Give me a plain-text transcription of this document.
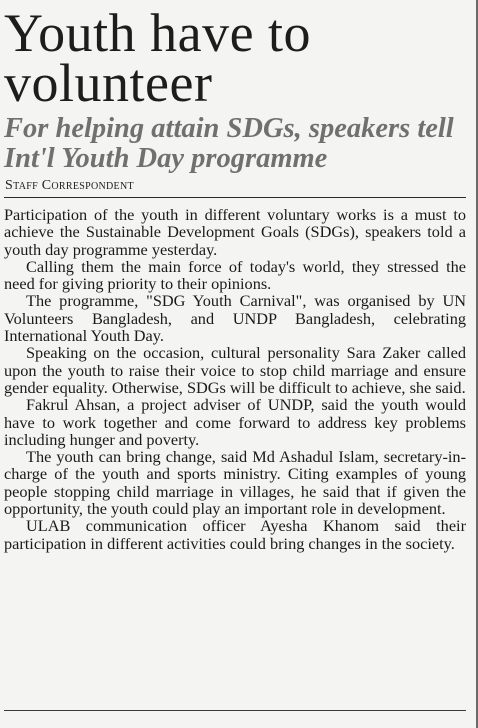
Youth have to volunteer
For helping attain SDGs, speakers tell Int'l Youth Day programme
Staff Correspondent

Participation of the youth in different voluntary works is a must to achieve the Sustainable Development Goals (SDGs), speakers told a youth day programme yesterday.

Calling them the main force of today's world, they stressed the need for giving priority to their opinions.

The programme, "SDG Youth Carnival", was organised by UN Volunteers Bangladesh, and UNDP Bangladesh, celebrating International Youth Day.

Speaking on the occasion, cultural personality Sara Zaker called upon the youth to raise their voice to stop child marriage and ensure gender equality. Otherwise, SDGs will be difficult to achieve, she said.

Fakrul Ahsan, a project adviser of UNDP, said the youth would have to work together and come forward to address key problems including hunger and poverty.

The youth can bring change, said Md Ashadul Islam, secretary-in-charge of the youth and sports ministry. Citing examples of young people stopping child marriage in villages, he said that if given the opportunity, the youth could play an important role in development.

ULAB communication officer Ayesha Khanom said their participation in different activities could bring changes in the society.
